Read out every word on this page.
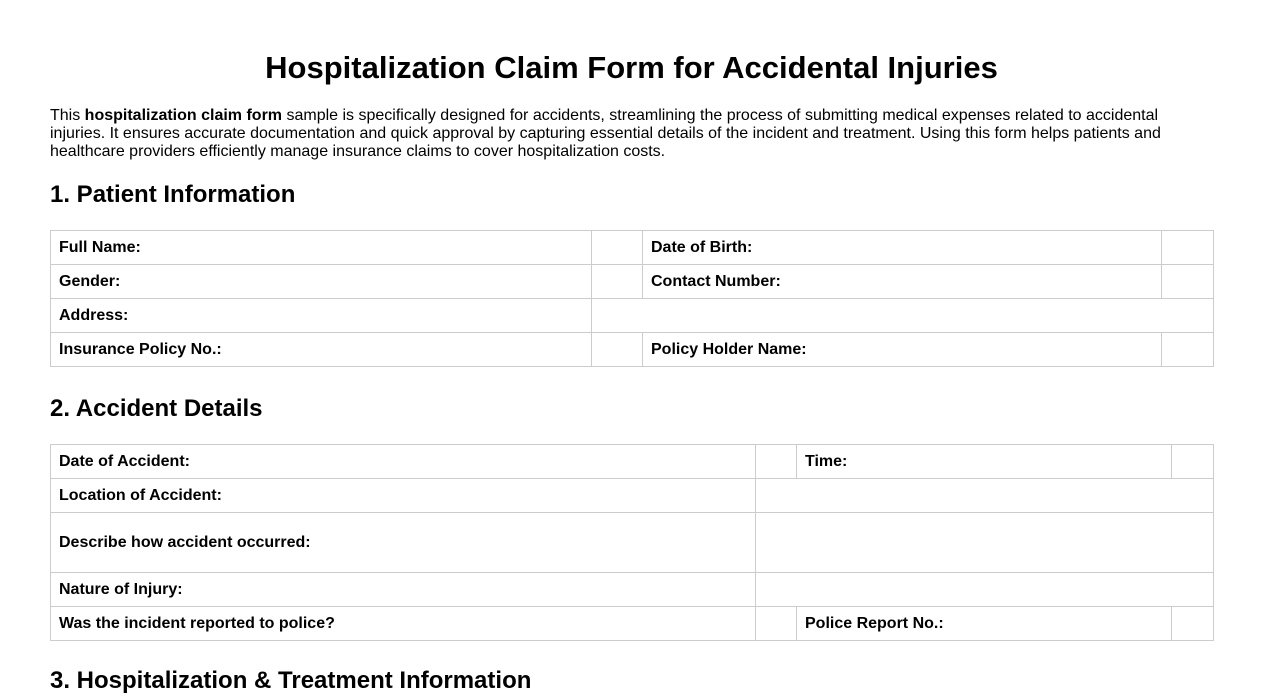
Hospitalization Claim Form for Accidental Injuries

This hospitalization claim form sample is specifically designed for accidents, streamlining the process of submitting medical expenses related to accidental injuries. It ensures accurate documentation and quick approval by capturing essential details of the incident and treatment. Using this form helps patients and healthcare providers efficiently manage insurance claims to cover hospitalization costs.

1. Patient Information
Full Name:		Date of Birth:	
Gender:		Contact Number:	
Address:			
Insurance Policy No.:		Policy Holder Name:	
2. Accident Details
Date of Accident:		Time:	
Location of Accident:			
Describe how accident occurred:			
Nature of Injury:			
Was the incident reported to police?		Police Report No.:	
3. Hospitalization & Treatment Information
